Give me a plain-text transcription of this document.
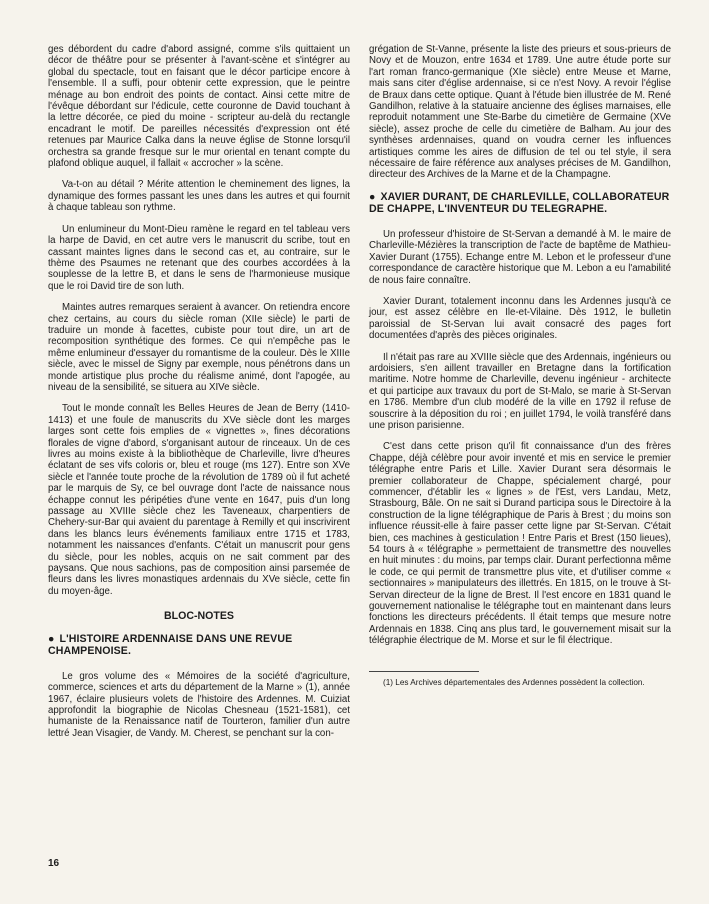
ges débordent du cadre d'abord assigné, comme s'ils quittaient un décor de théâtre pour se présenter à l'avant-scène et s'intégrer au global du spectacle, tout en faisant que le décor participe encore à l'ensemble. Il a suffi, pour obtenir cette expression, que le peintre ménage au bon endroit des points de contact. Ainsi cette mitre de l'évêque débordant sur l'édicule, cette couronne de David touchant à la lettre décorée, ce pied du moine - scripteur au-delà du rectangle encadrant le motif. De pareilles nécessités d'expression ont été retenues par Maurice Calka dans la neuve église de Stonne lorsqu'il orchestra sa grande fresque sur le mur oriental en tenant compte du plafond oblique auquel, il fallait « accrocher » la scène.

Va-t-on au détail ? Mérite attention le cheminement des lignes, la dynamique des formes passant les unes dans les autres et qui fournit à chaque tableau son rythme.

Un enlumineur du Mont-Dieu ramène le regard en tel tableau vers la harpe de David, en cet autre vers le manuscrit du scribe, tout en cassant maintes lignes dans le second cas et, au contraire, sur le thème des Psaumes ne retenant que des courbes accordées à la souplesse de la lettre B, et dans le sens de l'harmonieuse musique que le roi David tire de son luth.

Maintes autres remarques seraient à avancer. On retiendra encore chez certains, au cours du siècle roman (XIIe siècle) le parti de traduire un monde à facettes, cubiste pour tout dire, un art de recomposition synthétique des formes. Ce qui n'empêche pas le même enlumineur d'essayer du romantisme de la couleur. Dès le XIIIe siècle, avec le missel de Signy par exemple, nous pénétrons dans un monde artistique plus proche du réalisme animé, dont l'apogée, au niveau de la sensibilité, se situera au XIVe siècle.

Tout le monde connaît les Belles Heures de Jean de Berry (1410-1413) et une foule de manuscrits du XVe siècle dont les marges larges sont cette fois emplies de « vignettes », fines décorations florales de vigne d'abord, s'organisant autour de rinceaux. Un de ces livres au moins existe à la bibliothèque de Charleville, livre d'heures éclatant de ses vifs coloris or, bleu et rouge (ms 127). Entre son XVe siècle et l'année toute proche de la révolution de 1789 où il fut acheté par le marquis de Sy, ce bel ouvrage dont l'acte de naissance nous échappe connut les péripéties d'une vente en 1647, puis d'un long passage au XVIIIe siècle chez les Taveneaux, charpentiers de Chehery-sur-Bar qui avaient du parentage à Remilly et qui inscrivirent dans les blancs leurs événements familiaux entre 1715 et 1783, notamment les naissances d'enfants. C'était un manuscrit pour gens du siècle, pour les nobles, acquis on ne sait comment par des paysans. Que nous sachions, pas de composition ainsi parsemée de fleurs dans les livres monastiques ardennais du XVe siècle, cette fin du moyen-âge.

BLOC-NOTES
● L'HISTOIRE ARDENNAISE DANS UNE REVUE CHAMPENOISE.

Le gros volume des « Mémoires de la société d'agriculture, commerce, sciences et arts du département de la Marne » (1), année 1967, éclaire plusieurs volets de l'histoire des Ardennes. M. Cuiziat approfondit la biographie de Nicolas Chesneau (1521-1581), cet humaniste de la Renaissance natif de Tourteron, familier d'un autre lettré Jean Visagier, de Vandy. M. Cherest, se penchant sur la con-

grégation de St-Vanne, présente la liste des prieurs et sous-prieurs de Novy et de Mouzon, entre 1634 et 1789. Une autre étude porte sur l'art roman franco-germanique (XIe siècle) entre Meuse et Marne, mais sans citer d'église ardennaise, si ce n'est Novy. A revoir l'église de Braux dans cette optique. Quant à l'étude bien illustrée de M. René Gandilhon, relative à la statuaire ancienne des églises marnaises, elle reproduit notamment une Ste-Barbe du cimetière de Germaine (XVe siècle), assez proche de celle du cimetière de Balham. Au jour des synthèses ardennaises, quand on voudra cerner les influences artistiques comme les aires de diffusion de tel ou tel style, il sera nécessaire de faire référence aux analyses précises de M. Gandilhon, directeur des Archives de la Marne et de la Champagne.

● XAVIER DURANT, DE CHARLEVILLE, COLLABORATEUR DE CHAPPE, L'INVENTEUR DU TELEGRAPHE.

Un professeur d'histoire de St-Servan a demandé à M. le maire de Charleville-Mézières la transcription de l'acte de baptême de Mathieu-Xavier Durant (1755). Echange entre M. Lebon et le professeur d'une correspondance de caractère historique que M. Lebon a eu l'amabilité de nous faire connaître.

Xavier Durant, totalement inconnu dans les Ardennes jusqu'à ce jour, est assez célèbre en Ile-et-Vilaine. Dès 1912, le bulletin paroissial de St-Servan lui avait consacré des pages fort documentées d'après des pièces originales.

Il n'était pas rare au XVIIIe siècle que des Ardennais, ingénieurs ou ardoisiers, s'en aillent travailler en Bretagne dans la fortification maritime. Notre homme de Charleville, devenu ingénieur - architecte et qui participe aux travaux du port de St-Malo, se marie à St-Servan en 1786. Membre d'un club modéré de la ville en 1792 il refuse de souscrire à la déposition du roi ; en juillet 1794, le voilà transféré dans une prison parisienne.

C'est dans cette prison qu'il fit connaissance d'un des frères Chappe, déjà célèbre pour avoir inventé et mis en service le premier télégraphe entre Paris et Lille. Xavier Durant sera désormais le premier collaborateur de Chappe, spécialement chargé, pour commencer, d'établir les « lignes » de l'Est, vers Landau, Metz, Strasbourg, Bâle. On ne sait si Durand participa sous le Directoire à la construction de la ligne télégraphique de Paris à Brest ; du moins son influence réussit-elle à faire passer cette ligne par St-Servan. C'était bien, ces machines à gesticulation ! Entre Paris et Brest (150 lieues), 54 tours à « télégraphe » permettaient de transmettre des nouvelles en huit minutes : du moins, par temps clair. Durant perfectionna même le code, ce qui permit de transmettre plus vite, et d'utiliser comme « sectionnaires » manipulateurs des illettrés. En 1815, on le trouve à St-Servan directeur de la ligne de Brest. Il l'est encore en 1831 quand le gouvernement nationalise le télégraphe tout en maintenant dans leurs fonctions les directeurs précédents. Il était temps que mesure notre Ardennais en 1838. Cinq ans plus tard, le gouvernement misait sur la télégraphie électrique de M. Morse et sur le fil électrique.

(1) Les Archives départementales des Ardennes possèdent la collection.

16
